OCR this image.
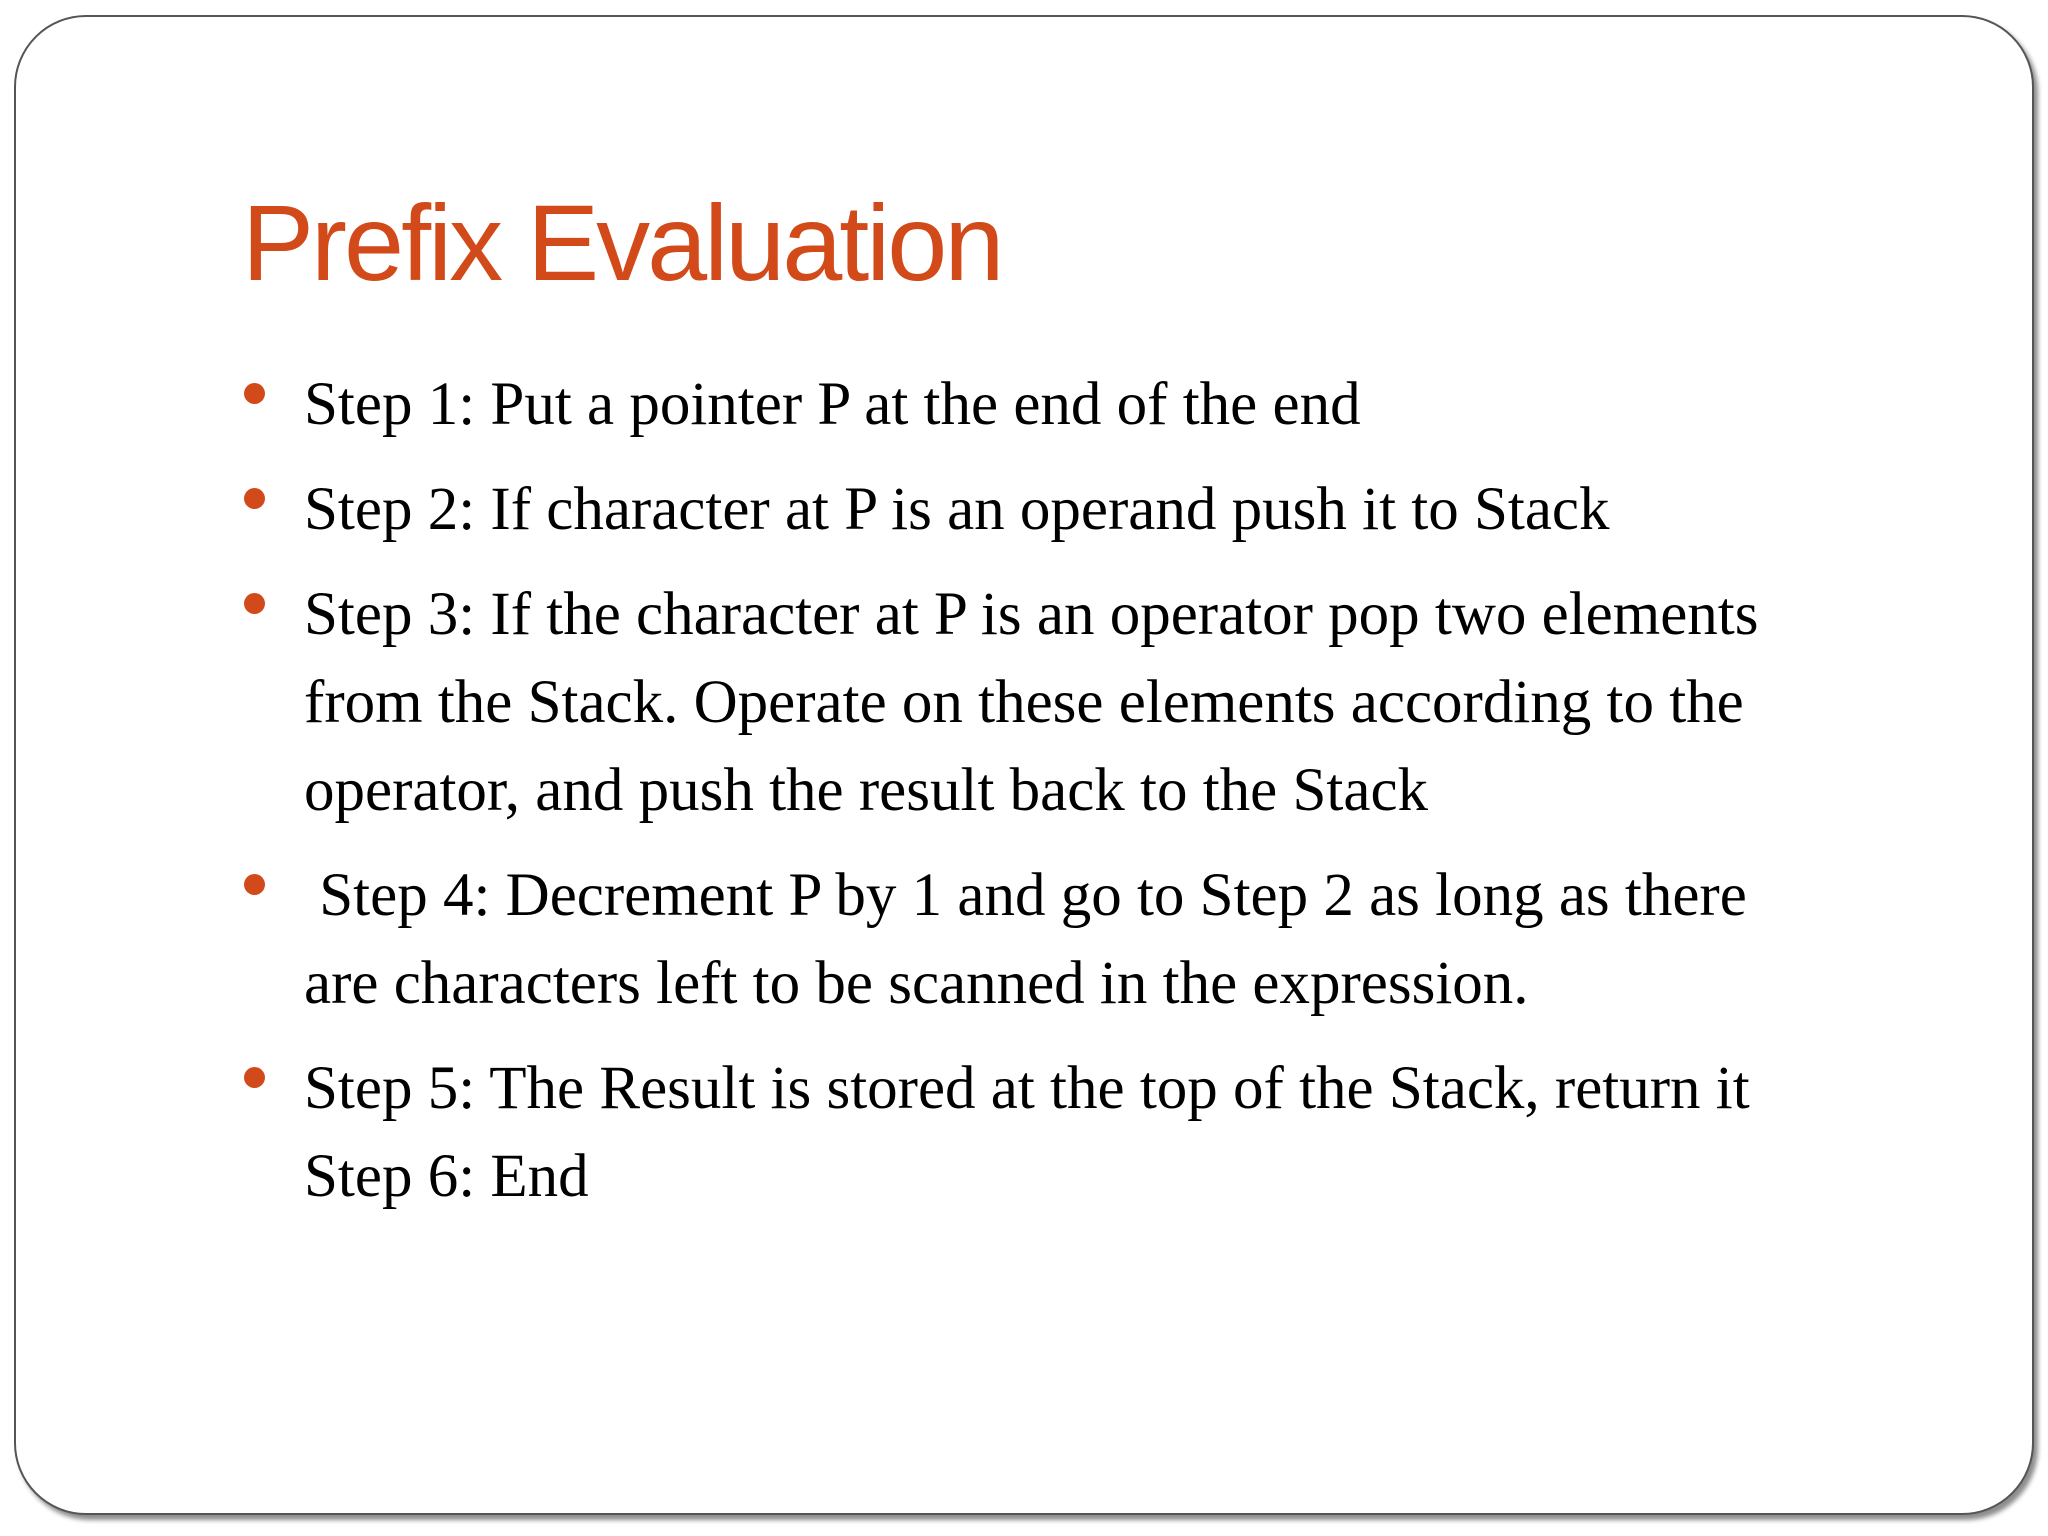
Prefix Evaluation
Step 1: Put a pointer P at the end of the end
Step 2: If character at P is an operand push it to Stack
Step 3: If the character at P is an operator pop two elements
from the Stack. Operate on these elements according to the
operator, and push the result back to the Stack
Step 4: Decrement P by 1 and go to Step 2 as long as there
are characters left to be scanned in the expression.
Step 5: The Result is stored at the top of the Stack, return it
Step 6: End
